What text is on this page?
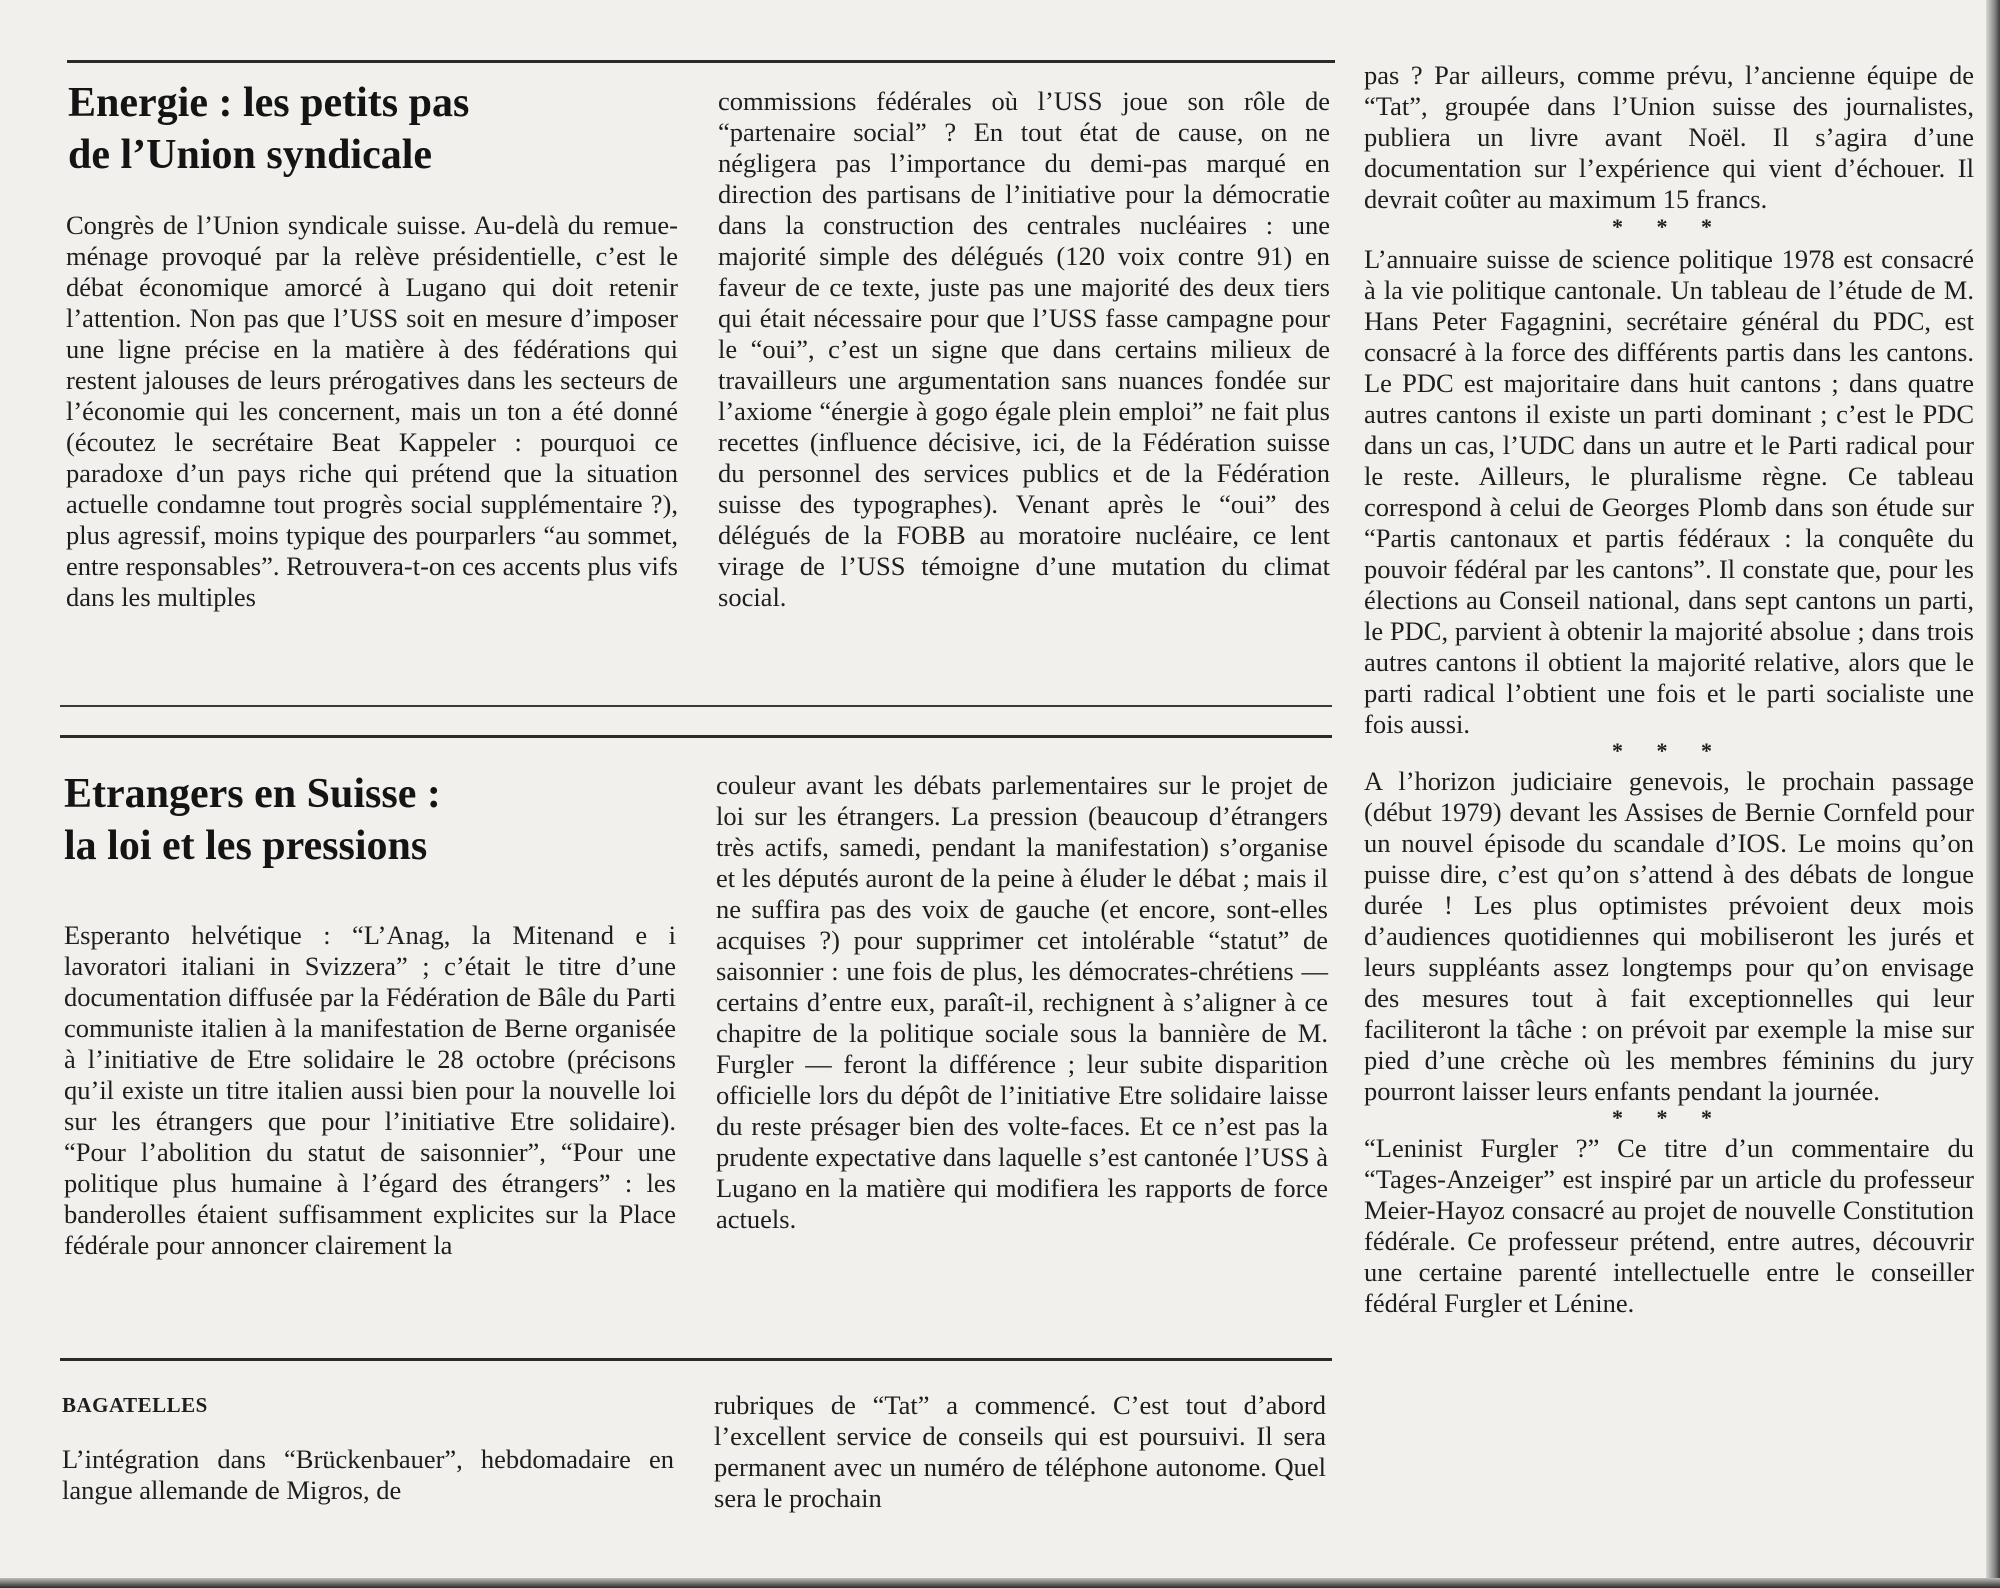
Energie : les petits pas
de l’Union syndicale

Congrès de l’Union syndicale suisse. Au-delà du remue-ménage provoqué par la relève présidentielle, c’est le débat économique amorcé à Lugano qui doit retenir l’attention. Non pas que l’USS soit en mesure d’imposer une ligne précise en la matière à des fédérations qui restent jalouses de leurs prérogatives dans les secteurs de l’économie qui les concernent, mais un ton a été donné (écoutez le secrétaire Beat Kappeler : pourquoi ce paradoxe d’un pays riche qui prétend que la situation actuelle condamne tout progrès social supplémentaire ?), plus agressif, moins typique des pourparlers “au sommet, entre responsables”. Retrouvera-t-on ces accents plus vifs dans les multiples

commissions fédérales où l’USS joue son rôle de “partenaire social” ? En tout état de cause, on ne négligera pas l’importance du demi-pas marqué en direction des partisans de l’initiative pour la démocratie dans la construction des centrales nucléaires : une majorité simple des délégués (120 voix contre 91) en faveur de ce texte, juste pas une majorité des deux tiers qui était nécessaire pour que l’USS fasse campagne pour le “oui”, c’est un signe que dans certains milieux de travailleurs une argumentation sans nuances fondée sur l’axiome “énergie à gogo égale plein emploi” ne fait plus recettes (influence décisive, ici, de la Fédération suisse du personnel des services publics et de la Fédération suisse des typographes). Venant après le “oui” des délégués de la FOBB au moratoire nucléaire, ce lent virage de l’USS témoigne d’une mutation du climat social.

Etrangers en Suisse :
la loi et les pressions

Esperanto helvétique : “L’Anag, la Mitenand e i lavoratori italiani in Svizzera” ; c’était le titre d’une documentation diffusée par la Fédération de Bâle du Parti communiste italien à la manifestation de Berne organisée à l’initiative de Etre solidaire le 28 octobre (précisons qu’il existe un titre italien aussi bien pour la nouvelle loi sur les étrangers que pour l’initiative Etre solidaire). “Pour l’abolition du statut de saisonnier”, “Pour une politique plus humaine à l’égard des étrangers” : les banderolles étaient suffisamment explicites sur la Place fédérale pour annoncer clairement la

couleur avant les débats parlementaires sur le projet de loi sur les étrangers. La pression (beaucoup d’étrangers très actifs, samedi, pendant la manifestation) s’organise et les députés auront de la peine à éluder le débat ; mais il ne suffira pas des voix de gauche (et encore, sont-elles acquises ?) pour supprimer cet intolérable “statut” de saisonnier : une fois de plus, les démocrates-chrétiens — certains d’entre eux, paraît-il, rechignent à s’aligner à ce chapitre de la politique sociale sous la bannière de M. Furgler — feront la différence ; leur subite disparition officielle lors du dépôt de l’initiative Etre solidaire laisse du reste présager bien des volte-faces. Et ce n’est pas la prudente expectative dans laquelle s’est cantonée l’USS à Lugano en la matière qui modifiera les rapports de force actuels.

BAGATELLES

L’intégration dans “Brückenbauer”, hebdomadaire en langue allemande de Migros, de

rubriques de “Tat” a commencé. C’est tout d’abord l’excellent service de conseils qui est poursuivi. Il sera permanent avec un numéro de téléphone autonome. Quel sera le prochain

pas ? Par ailleurs, comme prévu, l’ancienne équipe de “Tat”, groupée dans l’Union suisse des journalistes, publiera un livre avant Noël. Il s’agira d’une documentation sur l’expérience qui vient d’échouer. Il devrait coûter au maximum 15 francs.

* * *

L’annuaire suisse de science politique 1978 est consacré à la vie politique cantonale. Un tableau de l’étude de M. Hans Peter Fagagnini, secrétaire général du PDC, est consacré à la force des différents partis dans les cantons. Le PDC est majoritaire dans huit cantons ; dans quatre autres cantons il existe un parti dominant ; c’est le PDC dans un cas, l’UDC dans un autre et le Parti radical pour le reste. Ailleurs, le pluralisme règne. Ce tableau correspond à celui de Georges Plomb dans son étude sur “Partis cantonaux et partis fédéraux : la conquête du pouvoir fédéral par les cantons”. Il constate que, pour les élections au Conseil national, dans sept cantons un parti, le PDC, parvient à obtenir la majorité absolue ; dans trois autres cantons il obtient la majorité relative, alors que le parti radical l’obtient une fois et le parti socialiste une fois aussi.

* * *

A l’horizon judiciaire genevois, le prochain passage (début 1979) devant les Assises de Bernie Cornfeld pour un nouvel épisode du scandale d’IOS. Le moins qu’on puisse dire, c’est qu’on s’attend à des débats de longue durée ! Les plus optimistes prévoient deux mois d’audiences quotidiennes qui mobiliseront les jurés et leurs suppléants assez longtemps pour qu’on envisage des mesures tout à fait exceptionnelles qui leur faciliteront la tâche : on prévoit par exemple la mise sur pied d’une crèche où les membres féminins du jury pourront laisser leurs enfants pendant la journée.

* * *

“Leninist Furgler ?” Ce titre d’un commentaire du “Tages-Anzeiger” est inspiré par un article du professeur Meier-Hayoz consacré au projet de nouvelle Constitution fédérale. Ce professeur prétend, entre autres, découvrir une certaine parenté intellectuelle entre le conseiller fédéral Furgler et Lénine.
